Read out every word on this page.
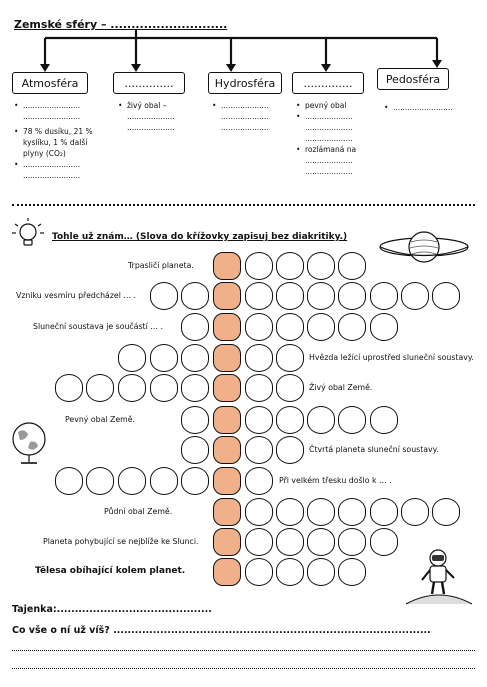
Zemské sféry – ............................
Atmosféra	..............	Hydrosféra	..............	Pedosféra
• ........................
........................
• 78 % dusíku, 21 % kyslíku, 1 % další plyny (CO₂)
• ........................
........................
• živý obal –
....................
....................
• ....................
....................
....................
• pevný obal
• ....................
....................
....................
• rozlámaná na
....................
....................
• .........................
Tohle už znám… (Slova do křížovky zapisuj bez diakritiky.)
Trpasličí planeta.
Vzniku vesmíru předcházel … .
Sluneční soustava je součástí … .
Hvězda ležící uprostřed sluneční soustavy.
Živý obal Země.
Pevný obal Země.
Čtvrtá planeta sluneční soustavy.
Při velkém třesku došlo k … .
Půdní obal Země.
Planeta pohybující se nejblíže ke Slunci.
Tělesa obíhající kolem planet.
Tajenka:...........................................
Co vše o ní už víš? ........................................................................................
